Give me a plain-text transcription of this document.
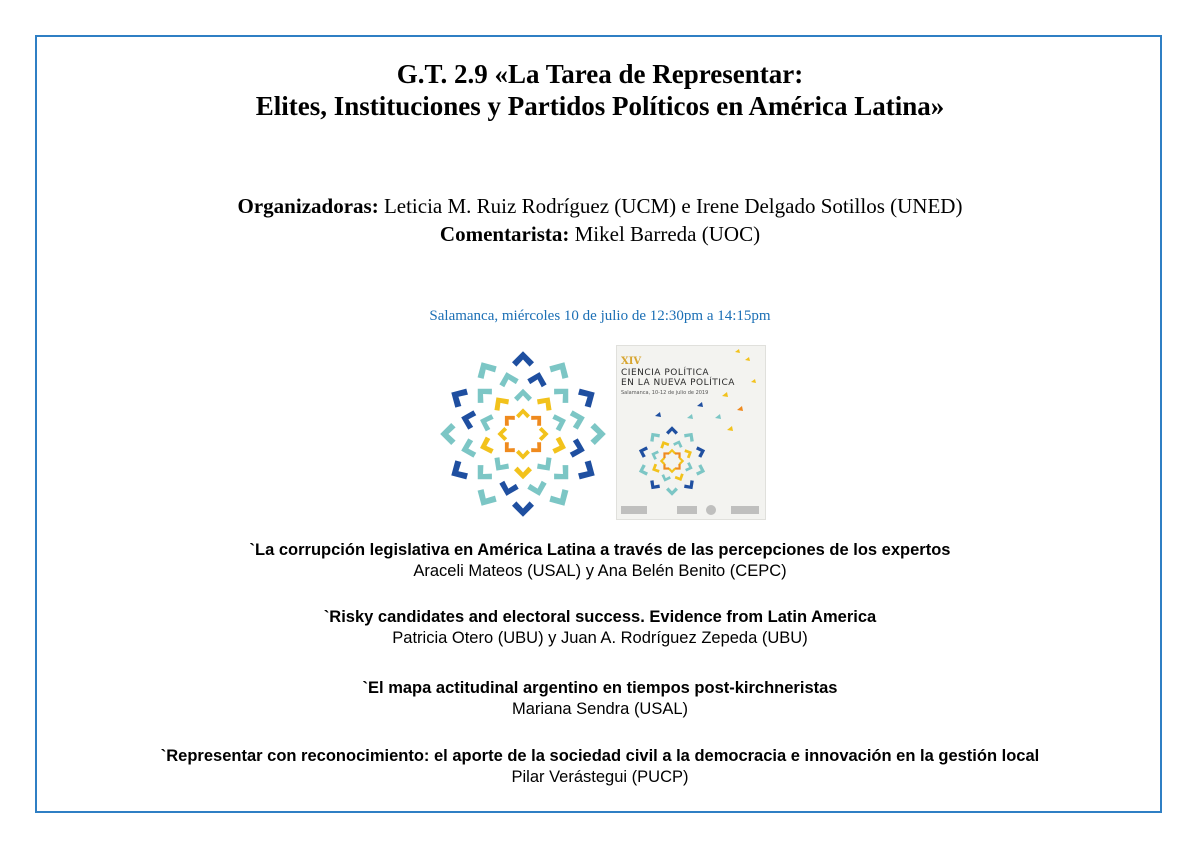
G.T. 2.9 «La Tarea de Representar:
Elites, Instituciones y Partidos Políticos en América Latina»
Organizadoras: Leticia M. Ruiz Rodríguez (UCM) e Irene Delgado Sotillos (UNED)
Comentarista: Mikel Barreda (UOC)
Salamanca, miércoles 10 de julio de 12:30pm a 14:15pm
XIV
CIENCIA POLÍTICA
EN LA NUEVA POLÍTICA
Salamanca, 10-12 de julio de 2019
`La corrupción legislativa en América Latina a través de las percepciones de los expertos
Araceli Mateos (USAL) y Ana Belén Benito (CEPC)
`Risky candidates and electoral success. Evidence from Latin America
Patricia Otero (UBU) y Juan A. Rodríguez Zepeda (UBU)
`El mapa actitudinal argentino en tiempos post-kirchneristas
Mariana Sendra (USAL)
`Representar con reconocimiento: el aporte de la sociedad civil a la democracia e innovación en la gestión local
Pilar Verástegui (PUCP)
